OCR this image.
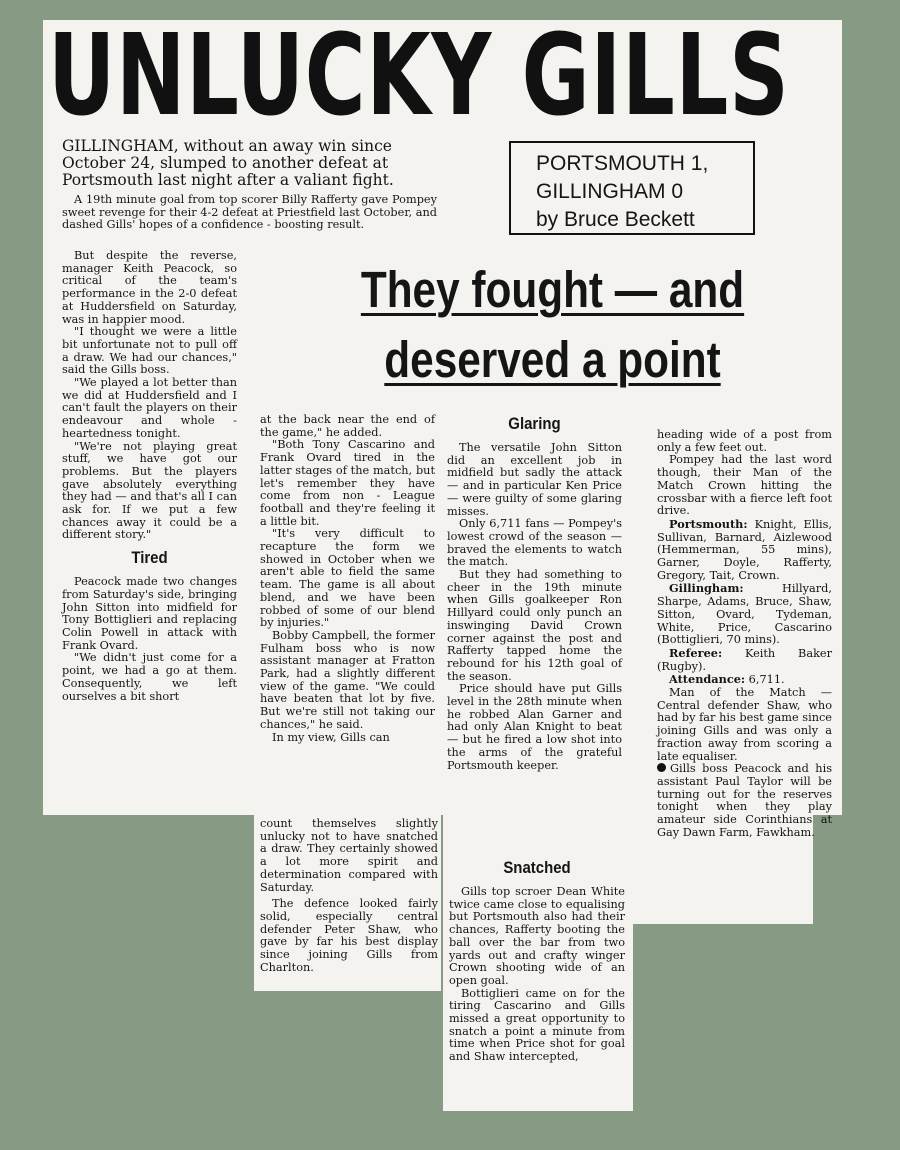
UNLUCKY GILLS

GILLINGHAM, without an away win since October 24, slumped to another defeat at Portsmouth last night after a valiant fight.

PORTSMOUTH 1,
GILLINGHAM 0
by Bruce Beckett

A 19th minute goal from top scorer Billy Rafferty gave Pompey sweet revenge for their 4-2 defeat at Priestfield last October, and dashed Gills' hopes of a confidence - boosting result.

They fought — and deserved a point

But despite the reverse, manager Keith Peacock, so critical of the team's performance in the 2-0 defeat at Huddersfield on Saturday, was in happier mood.

"I thought we were a little bit unfortunate not to pull off a draw. We had our chances," said the Gills boss.

"We played a lot better than we did at Huddersfield and I can't fault the players on their endeavour and whole - heartedness tonight.

"We're not playing great stuff, we have got our problems. But the players gave absolutely everything they had — and that's all I can ask for. If we put a few chances away it could be a different story."

Tired

Peacock made two changes from Saturday's side, bringing John Sitton into midfield for Tony Bottiglieri and replacing Colin Powell in attack with Frank Ovard.

"We didn't just come for a point, we had a go at them. Consequently, we left ourselves a bit short

at the back near the end of the game," he added.

"Both Tony Cascarino and Frank Ovard tired in the latter stages of the match, but let's remember they have come from non - League football and they're feeling it a little bit.

"It's very difficult to recapture the form we showed in October when we aren't able to field the same team. The game is all about blend, and we have been robbed of some of our blend by injuries."

Bobby Campbell, the former Fulham boss who is now assistant manager at Fratton Park, had a slightly different view of the game. "We could have beaten that lot by five. But we're still not taking our chances," he said.

In my view, Gills can

count themselves slightly unlucky not to have snatched a draw. They certainly showed a lot more spirit and determination compared with Saturday.

The defence looked fairly solid, especially central defender Peter Shaw, who gave by far his best display since joining Gills from Charlton.

Glaring

The versatile John Sitton did an excellent job in midfield but sadly the attack — and in particular Ken Price — were guilty of some glaring misses.

Only 6,711 fans — Pompey's lowest crowd of the season — braved the elements to watch the match.

But they had something to cheer in the 19th minute when Gills goalkeeper Ron Hillyard could only punch an inswinging David Crown corner against the post and Rafferty tapped home the rebound for his 12th goal of the season.

Price should have put Gills level in the 28th minute when he robbed Alan Garner and had only Alan Knight to beat — but he fired a low shot into the arms of the grateful Portsmouth keeper.

Snatched

Gills top scroer Dean White twice came close to equalising but Portsmouth also had their chances, Rafferty booting the ball over the bar from two yards out and crafty winger Crown shooting wide of an open goal.

Bottiglieri came on for the tiring Cascarino and Gills missed a great opportunity to snatch a point a minute from time when Price shot for goal and Shaw intercepted,

heading wide of a post from only a few feet out.

Pompey had the last word though, their Man of the Match Crown hitting the crossbar with a fierce left foot drive.

Portsmouth: Knight, Ellis, Sullivan, Barnard, Aizlewood (Hemmerman, 55 mins), Garner, Doyle, Rafferty, Gregory, Tait, Crown.

Gillingham:	Hillyard, Sharpe, Adams, Bruce, Shaw, Sitton, Ovard, Tydeman, White, Price, Cascarino (Bottiglieri, 70 mins).

Referee: Keith Baker (Rugby).

Attendance: 6,711.

Man of the Match — Central defender Shaw, who had by far his best game since joining Gills and was only a fraction away from scoring a late equaliser.

Gills boss Peacock and his assistant Paul Taylor will be turning out for the reserves tonight when they play amateur side Corinthians at Gay Dawn Farm, Fawkham.
